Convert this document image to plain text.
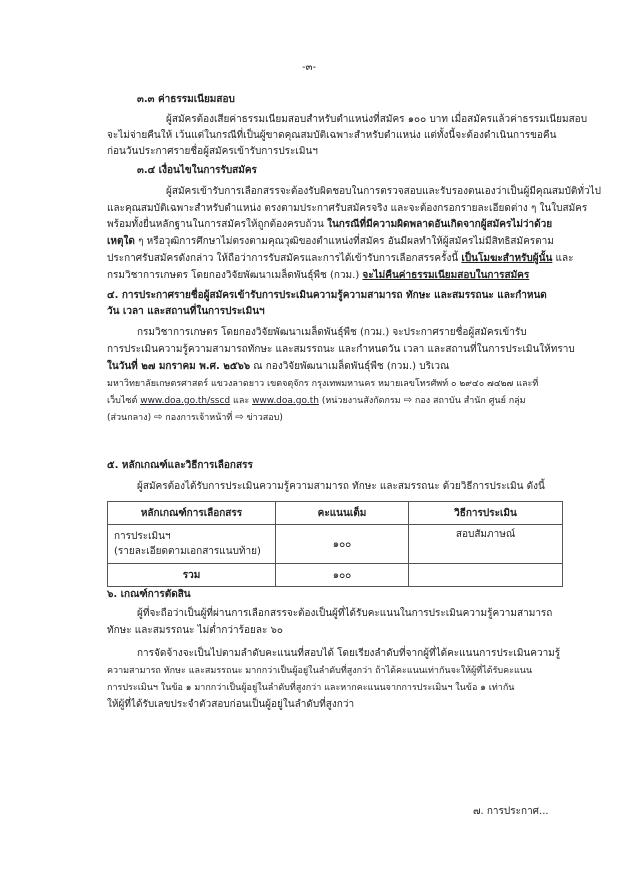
-๓-
๓.๓ ค่าธรรมเนียมสอบ
ผู้สมัครต้องเสียค่าธรรมเนียมสอบสำหรับตำแหน่งที่สมัคร ๑๐๐ บาท เมื่อสมัครแล้วค่าธรรมเนียมสอบ
จะไม่จ่ายคืนให้ เว้นแต่ในกรณีที่เป็นผู้ขาดคุณสมบัติเฉพาะสำหรับตำแหน่ง แต่ทั้งนี้จะต้องดำเนินการขอคืน
ก่อนวันประกาศรายชื่อผู้สมัครเข้ารับการประเมินฯ
๓.๔ เงื่อนไขในการรับสมัคร
ผู้สมัครเข้ารับการเลือกสรรจะต้องรับผิดชอบในการตรวจสอบและรับรองตนเองว่าเป็นผู้มีคุณสมบัติทั่วไป
และคุณสมบัติเฉพาะสำหรับตำแหน่ง ตรงตามประกาศรับสมัครจริง และจะต้องกรอกรายละเอียดต่าง ๆ ในใบสมัคร
พร้อมทั้งยื่นหลักฐานในการสมัครให้ถูกต้องครบถ้วน ในกรณีที่มีความผิดพลาดอันเกิดจากผู้สมัครไม่ว่าด้วย
เหตุใด ๆ หรือวุฒิการศึกษาไม่ตรงตามคุณวุฒิของตำแหน่งที่สมัคร อันมีผลทำให้ผู้สมัครไม่มีสิทธิสมัครตาม
ประกาศรับสมัครดังกล่าว ให้ถือว่าการรับสมัครและการได้เข้ารับการเลือกสรรครั้งนี้ เป็นโมฆะสำหรับผู้นั้น และ
กรมวิชาการเกษตร โดยกองวิจัยพัฒนาเมล็ดพันธุ์พืช (กวม.) จะไม่คืนค่าธรรมเนียมสอบในการสมัคร
๔. การประกาศรายชื่อผู้สมัครเข้ารับการประเมินความรู้ความสามารถ ทักษะ และสมรรถนะ และกำหนด
วัน เวลา และสถานที่ในการประเมินฯ
กรมวิชาการเกษตร โดยกองวิจัยพัฒนาเมล็ดพันธุ์พืช (กวม.) จะประกาศรายชื่อผู้สมัครเข้ารับ
การประเมินความรู้ความสามารถทักษะ และสมรรถนะ และกำหนดวัน เวลา และสถานที่ในการประเมินให้ทราบ
ในวันที่ ๒๗ มกราคม พ.ศ. ๒๕๖๖ ณ กองวิจัยพัฒนาเมล็ดพันธุ์พืช (กวม.) บริเวณ
มหาวิทยาลัยเกษตรศาสตร์ แขวงลาดยาว เขตจตุจักร กรุงเทพมหานคร หมายเลขโทรศัพท์ ๐ ๒๙๔๐ ๗๔๒๗ และที่
เว็บไซต์ www.doa.go.th/sscd และ www.doa.go.th (หน่วยงานสังกัดกรม ⇨ กอง สถาบัน สำนัก ศูนย์ กลุ่ม
(ส่วนกลาง) ⇨ กองการเจ้าหน้าที่ ⇨ ข่าวสอบ)
๕. หลักเกณฑ์และวิธีการเลือกสรร
ผู้สมัครต้องได้รับการประเมินความรู้ความสามารถ ทักษะ และสมรรถนะ ด้วยวิธีการประเมิน ดังนี้
หลักเกณฑ์การเลือกสรร	คะแนนเต็ม	วิธีการประเมิน

การประเมินฯ
(รายละเอียดตามเอกสารแนบท้าย)	๑๐๐	สอบสัมภาษณ์
รวม	๑๐๐	
๖. เกณฑ์การตัดสิน
ผู้ที่จะถือว่าเป็นผู้ที่ผ่านการเลือกสรรจะต้องเป็นผู้ที่ได้รับคะแนนในการประเมินความรู้ความสามารถ
ทักษะ และสมรรถนะ ไม่ต่ำกว่าร้อยละ ๖๐
การจัดจ้างจะเป็นไปตามลำดับคะแนนที่สอบได้ โดยเรียงลำดับที่จากผู้ที่ได้คะแนนการประเมินความรู้
ความสามารถ ทักษะ และสมรรถนะ มากกว่าเป็นผู้อยู่ในลำดับที่สูงกว่า ถ้าได้คะแนนเท่ากันจะให้ผู้ที่ได้รับคะแนน
การประเมินฯ ในข้อ ๑ มากกว่าเป็นผู้อยู่ในลำดับที่สูงกว่า และหากคะแนนจากการประเมินฯ ในข้อ ๑ เท่ากัน
ให้ผู้ที่ได้รับเลขประจำตัวสอบก่อนเป็นผู้อยู่ในลำดับที่สูงกว่า
๗. การประกาศ...
